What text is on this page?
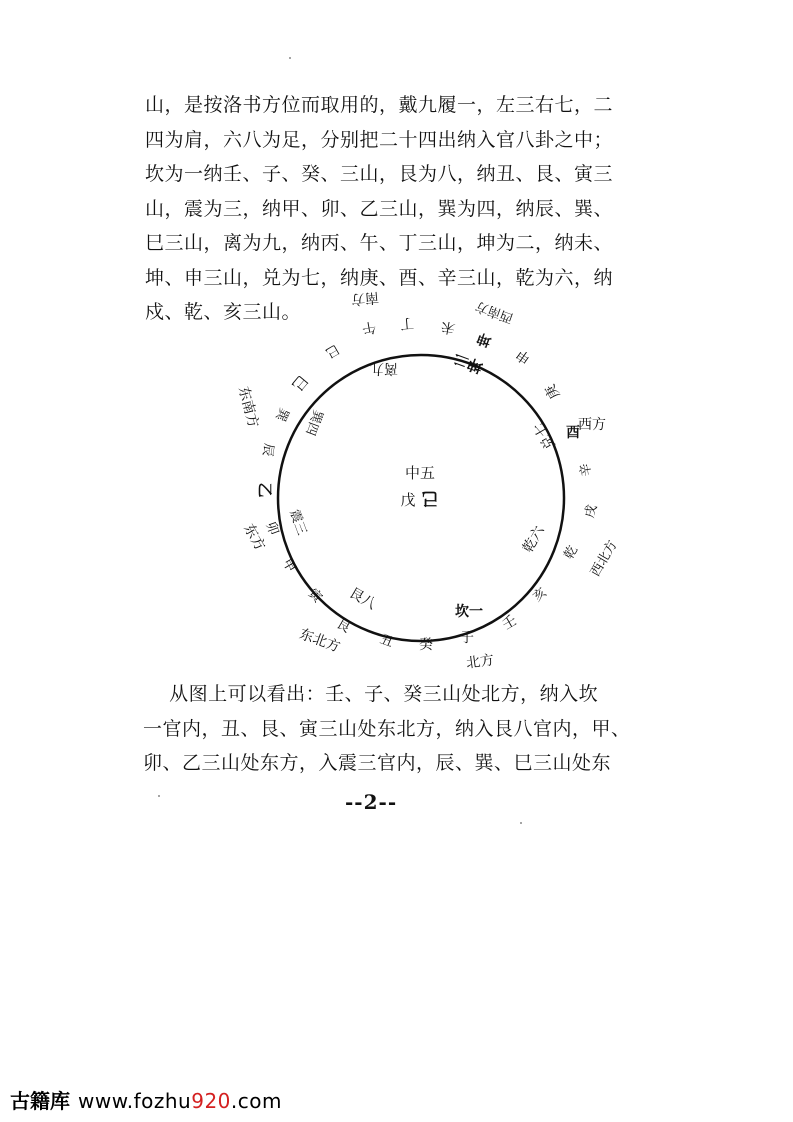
山，是按洛书方位而取用的，戴九履一，左三右七，二
四为肩，六八为足，分别把二十四出纳入官八卦之中；
坎为一纳壬、子、癸、三山，艮为八，纳丑、艮、寅三
山，震为三，纳甲、卯、乙三山，巽为四，纳辰、巽、
巳三山，离为九，纳丙、午、丁三山，坤为二，纳未、
坤、申三山，兑为七，纳庚、酉、辛三山，乾为六，纳
戍、乾、亥三山。

中五
戊 己
离九	坤二
兑七
乾六
坎一
艮八
震三
巽四
巳
巳
午 丁 未
坤
申
庚
酉
辛
戌
乾
亥
壬
子
癸
丑
艮
寅
甲
卯
乙
辰
巽
南方	西南方
西方
西北方
北方
东北方
东方
东南方

从图上可以看出：壬、子、癸三山处北方，纳入坎
一官内，丑、艮、寅三山处东北方，纳入艮八官内，甲、
卯、乙三山处东方，入震三官内，辰、巽、巳三山处东

--2--
古籍库 www.fozhu920.com
